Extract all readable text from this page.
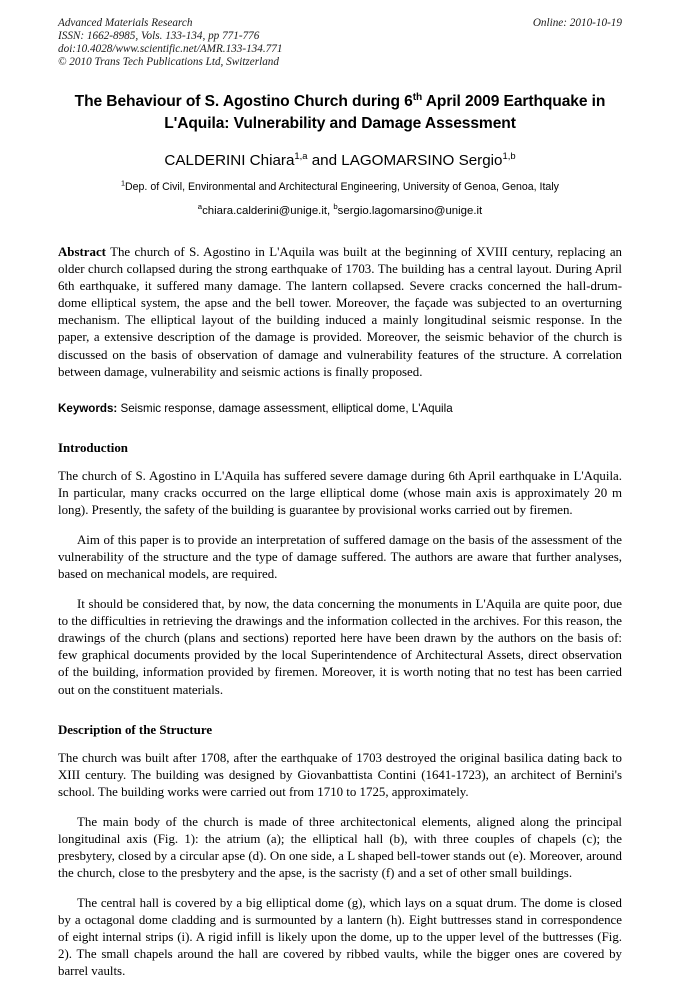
Advanced Materials Research
ISSN: 1662-8985, Vols. 133-134, pp 771-776
doi:10.4028/www.scientific.net/AMR.133-134.771
© 2010 Trans Tech Publications Ltd, Switzerland
Online: 2010-10-19
The Behaviour of S. Agostino Church during 6th April 2009 Earthquake in L'Aquila: Vulnerability and Damage Assessment
CALDERINI Chiara$^{1,a}$ and LAGOMARSINO Sergio$^{1,b}$
$^1$Dep. of Civil, Environmental and Architectural Engineering, University of Genoa, Genoa, Italy
$^a$chiara.calderini@unige.it, $^b$sergio.lagomarsino@unige.it
Abstract The church of S. Agostino in L'Aquila was built at the beginning of XVIII century, replacing an older church collapsed during the strong earthquake of 1703. The building has a central layout. During April 6th earthquake, it suffered many damage. The lantern collapsed. Severe cracks concerned the hall-drum-dome elliptical system, the apse and the bell tower. Moreover, the façade was subjected to an overturning mechanism. The elliptical layout of the building induced a mainly longitudinal seismic response. In the paper, a extensive description of the damage is provided. Moreover, the seismic behavior of the church is discussed on the basis of observation of damage and vulnerability features of the structure. A correlation between damage, vulnerability and seismic actions is finally proposed.
Keywords: Seismic response, damage assessment, elliptical dome, L'Aquila
Introduction

The church of S. Agostino in L'Aquila has suffered severe damage during 6th April earthquake in L'Aquila. In particular, many cracks occurred on the large elliptical dome (whose main axis is approximately 20 m long). Presently, the safety of the building is guarantee by provisional works carried out by firemen.

Aim of this paper is to provide an interpretation of suffered damage on the basis of the assessment of the vulnerability of the structure and the type of damage suffered. The authors are aware that further analyses, based on mechanical models, are required.

It should be considered that, by now, the data concerning the monuments in L'Aquila are quite poor, due to the difficulties in retrieving the drawings and the information collected in the archives. For this reason, the drawings of the church (plans and sections) reported here have been drawn by the authors on the basis of: few graphical documents provided by the local Superintendence of Architectural Assets, direct observation of the building, information provided by firemen. Moreover, it is worth noting that no test has been carried out on the constituent materials.

Description of the Structure

The church was built after 1708, after the earthquake of 1703 destroyed the original basilica dating back to XIII century. The building was designed by Giovanbattista Contini (1641-1723), an architect of Bernini's school. The building works were carried out from 1710 to 1725, approximately.

The main body of the church is made of three architectonical elements, aligned along the principal longitudinal axis (Fig. 1): the atrium (a); the elliptical hall (b), with three couples of chapels (c); the presbytery, closed by a circular apse (d). On one side, a L shaped bell-tower stands out (e). Moreover, around the church, close to the presbytery and the apse, is the sacristy (f) and a set of other small buildings.

The central hall is covered by a big elliptical dome (g), which lays on a squat drum. The dome is closed by a octagonal dome cladding and is surmounted by a lantern (h). Eight buttresses stand in correspondence of eight internal strips (i). A rigid infill is likely upon the dome, up to the upper level of the buttresses (Fig. 2). The small chapels around the hall are covered by ribbed vaults, while the bigger ones are covered by barrel vaults.
